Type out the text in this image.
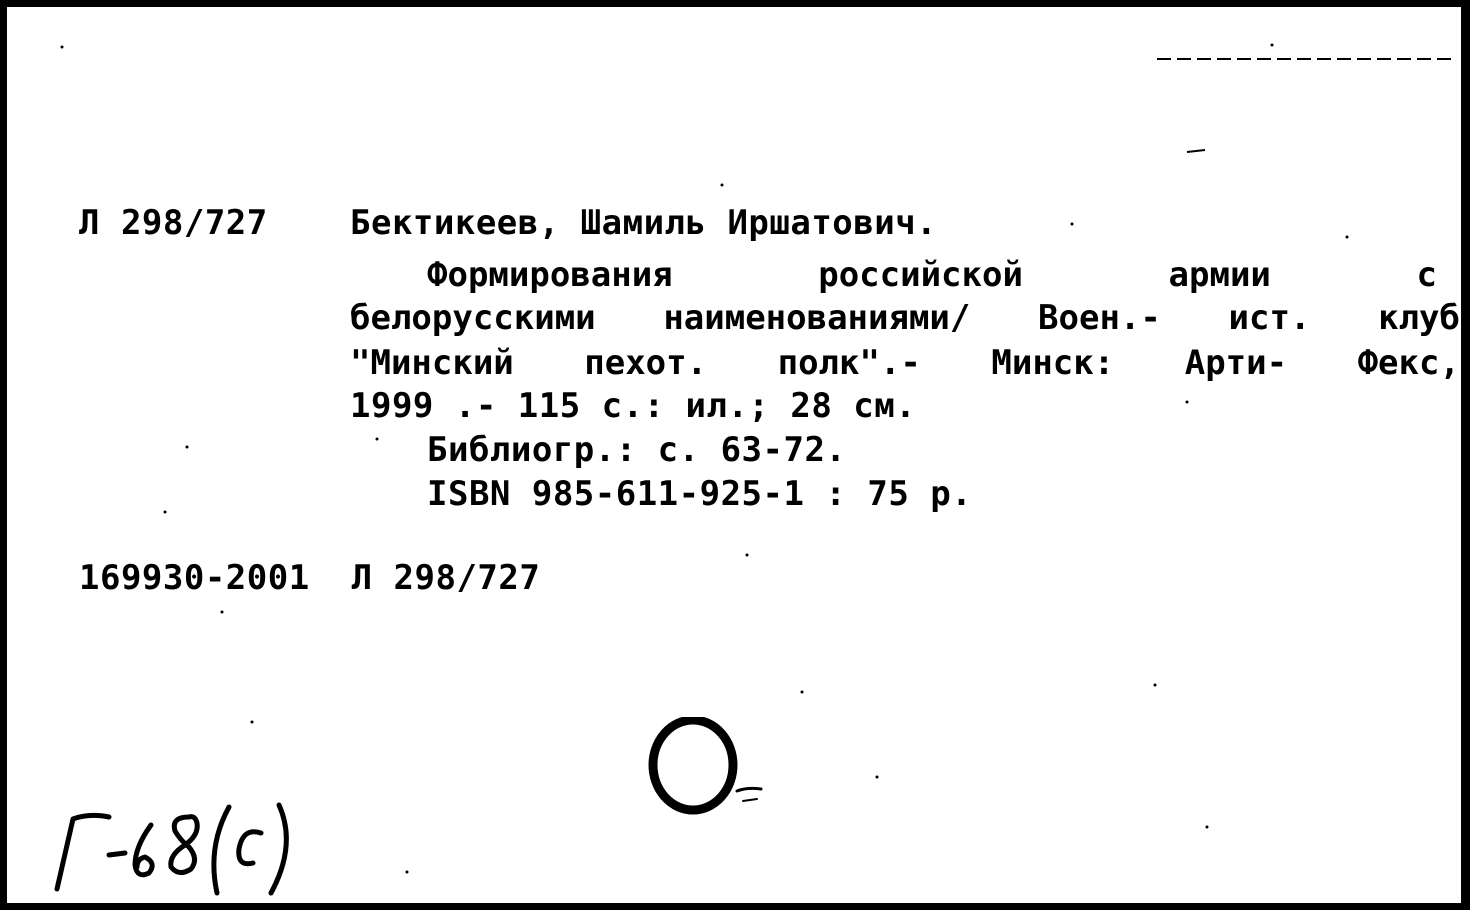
Л 298/727 Бектикеев, Шамиль Иршатович.
Формирования	российской	армии	с
белорусскими наименованиями/ Воен.- ист. клуб
"Минский пехот. полк".- Минск: Арти- Фекс,
1999 .- 115 с.: ил.; 28 см.
Библиогр.: с. 63-72.
ISBN 985-611-925-1 : 75 р.
169930-2001  Л 298/727
